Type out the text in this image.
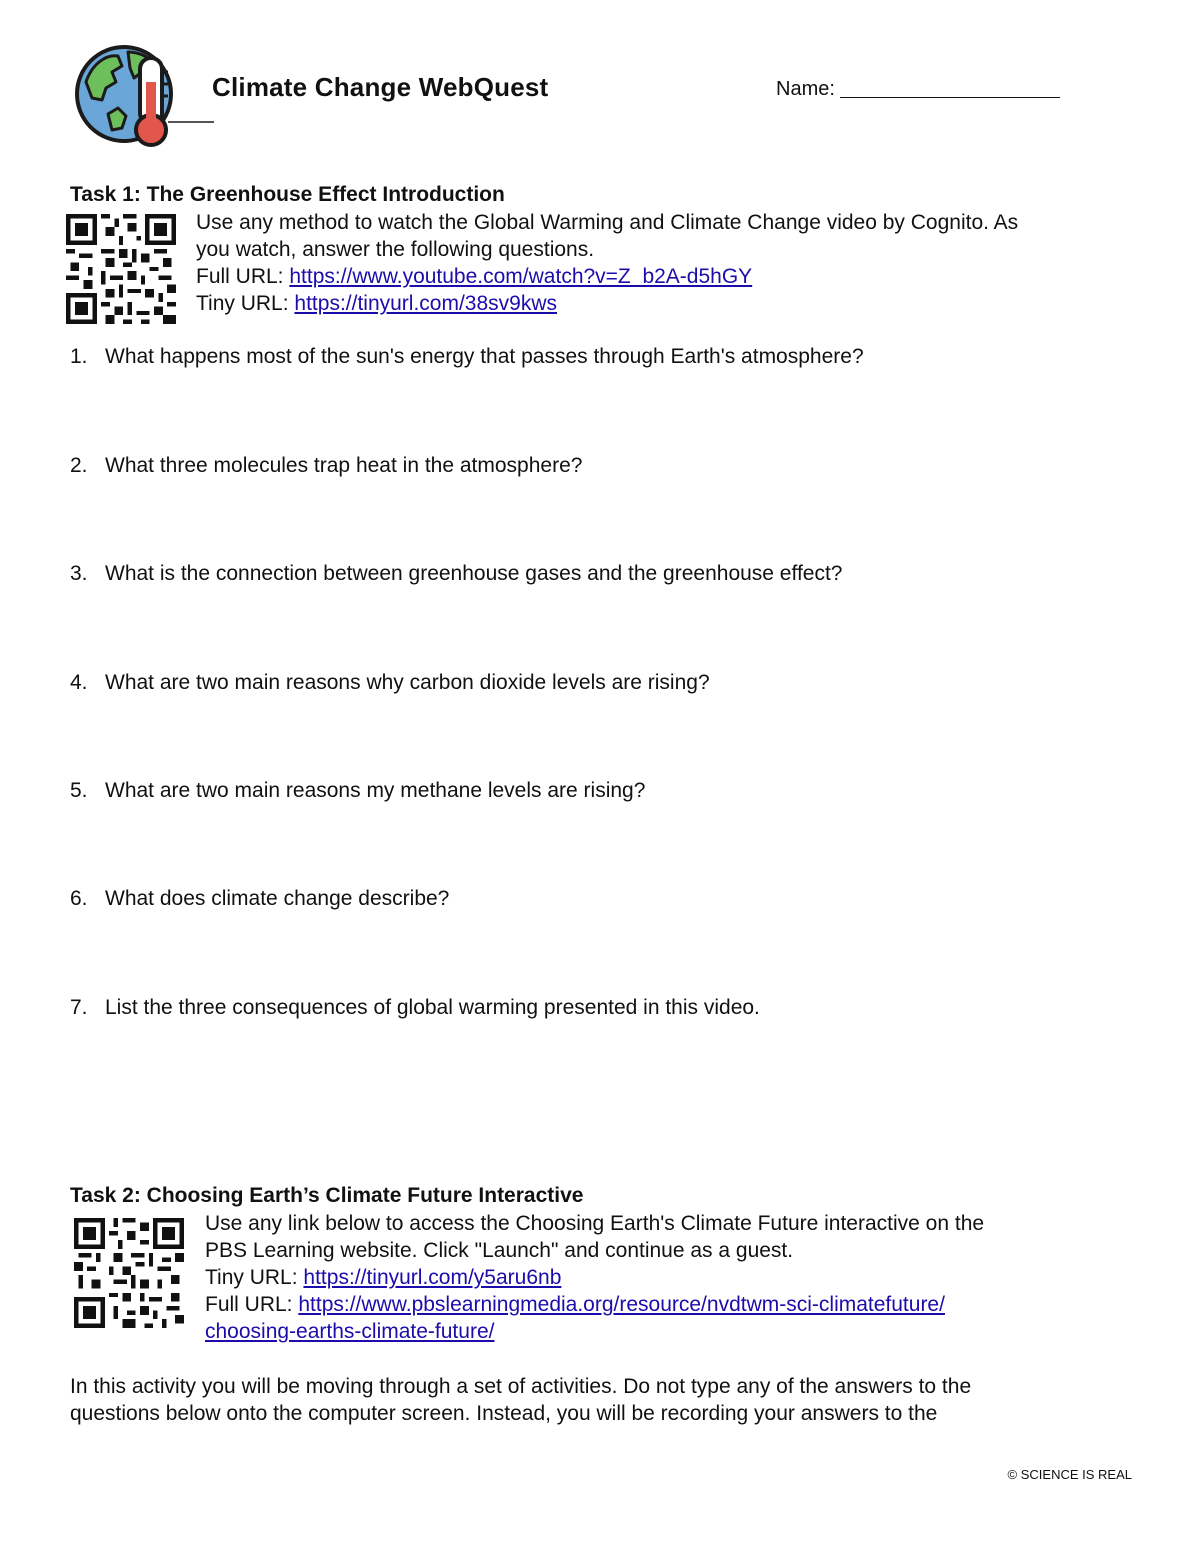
Climate Change WebQuest	Name:
Task 1: The Greenhouse Effect Introduction

Use any method to watch the Global Warming and Climate Change video by Cognito. As

you watch, answer the following questions.

Full URL: https://www.youtube.com/watch?v=Z_b2A-d5hGY

Tiny URL: https://tinyurl.com/38sv9kws

1. What happens most of the sun's energy that passes through Earth's atmosphere?
2. What three molecules trap heat in the atmosphere?
3. What is the connection between greenhouse gases and the greenhouse effect?
4. What are two main reasons why carbon dioxide levels are rising?
5. What are two main reasons my methane levels are rising?
6. What does climate change describe?
7. List the three consequences of global warming presented in this video.
Task 2: Choosing Earth’s Climate Future Interactive

Use any link below to access the Choosing Earth's Climate Future interactive on the

PBS Learning website. Click "Launch" and continue as a guest.

Tiny URL: https://tinyurl.com/y5aru6nb

Full URL: https://www.pbslearningmedia.org/resource/nvdtwm-sci-climatefuture/

choosing-earths-climate-future/

In this activity you will be moving through a set of activities. Do not type any of the answers to the
questions below onto the computer screen. Instead, you will be recording your answers to the
© SCIENCE IS REAL
